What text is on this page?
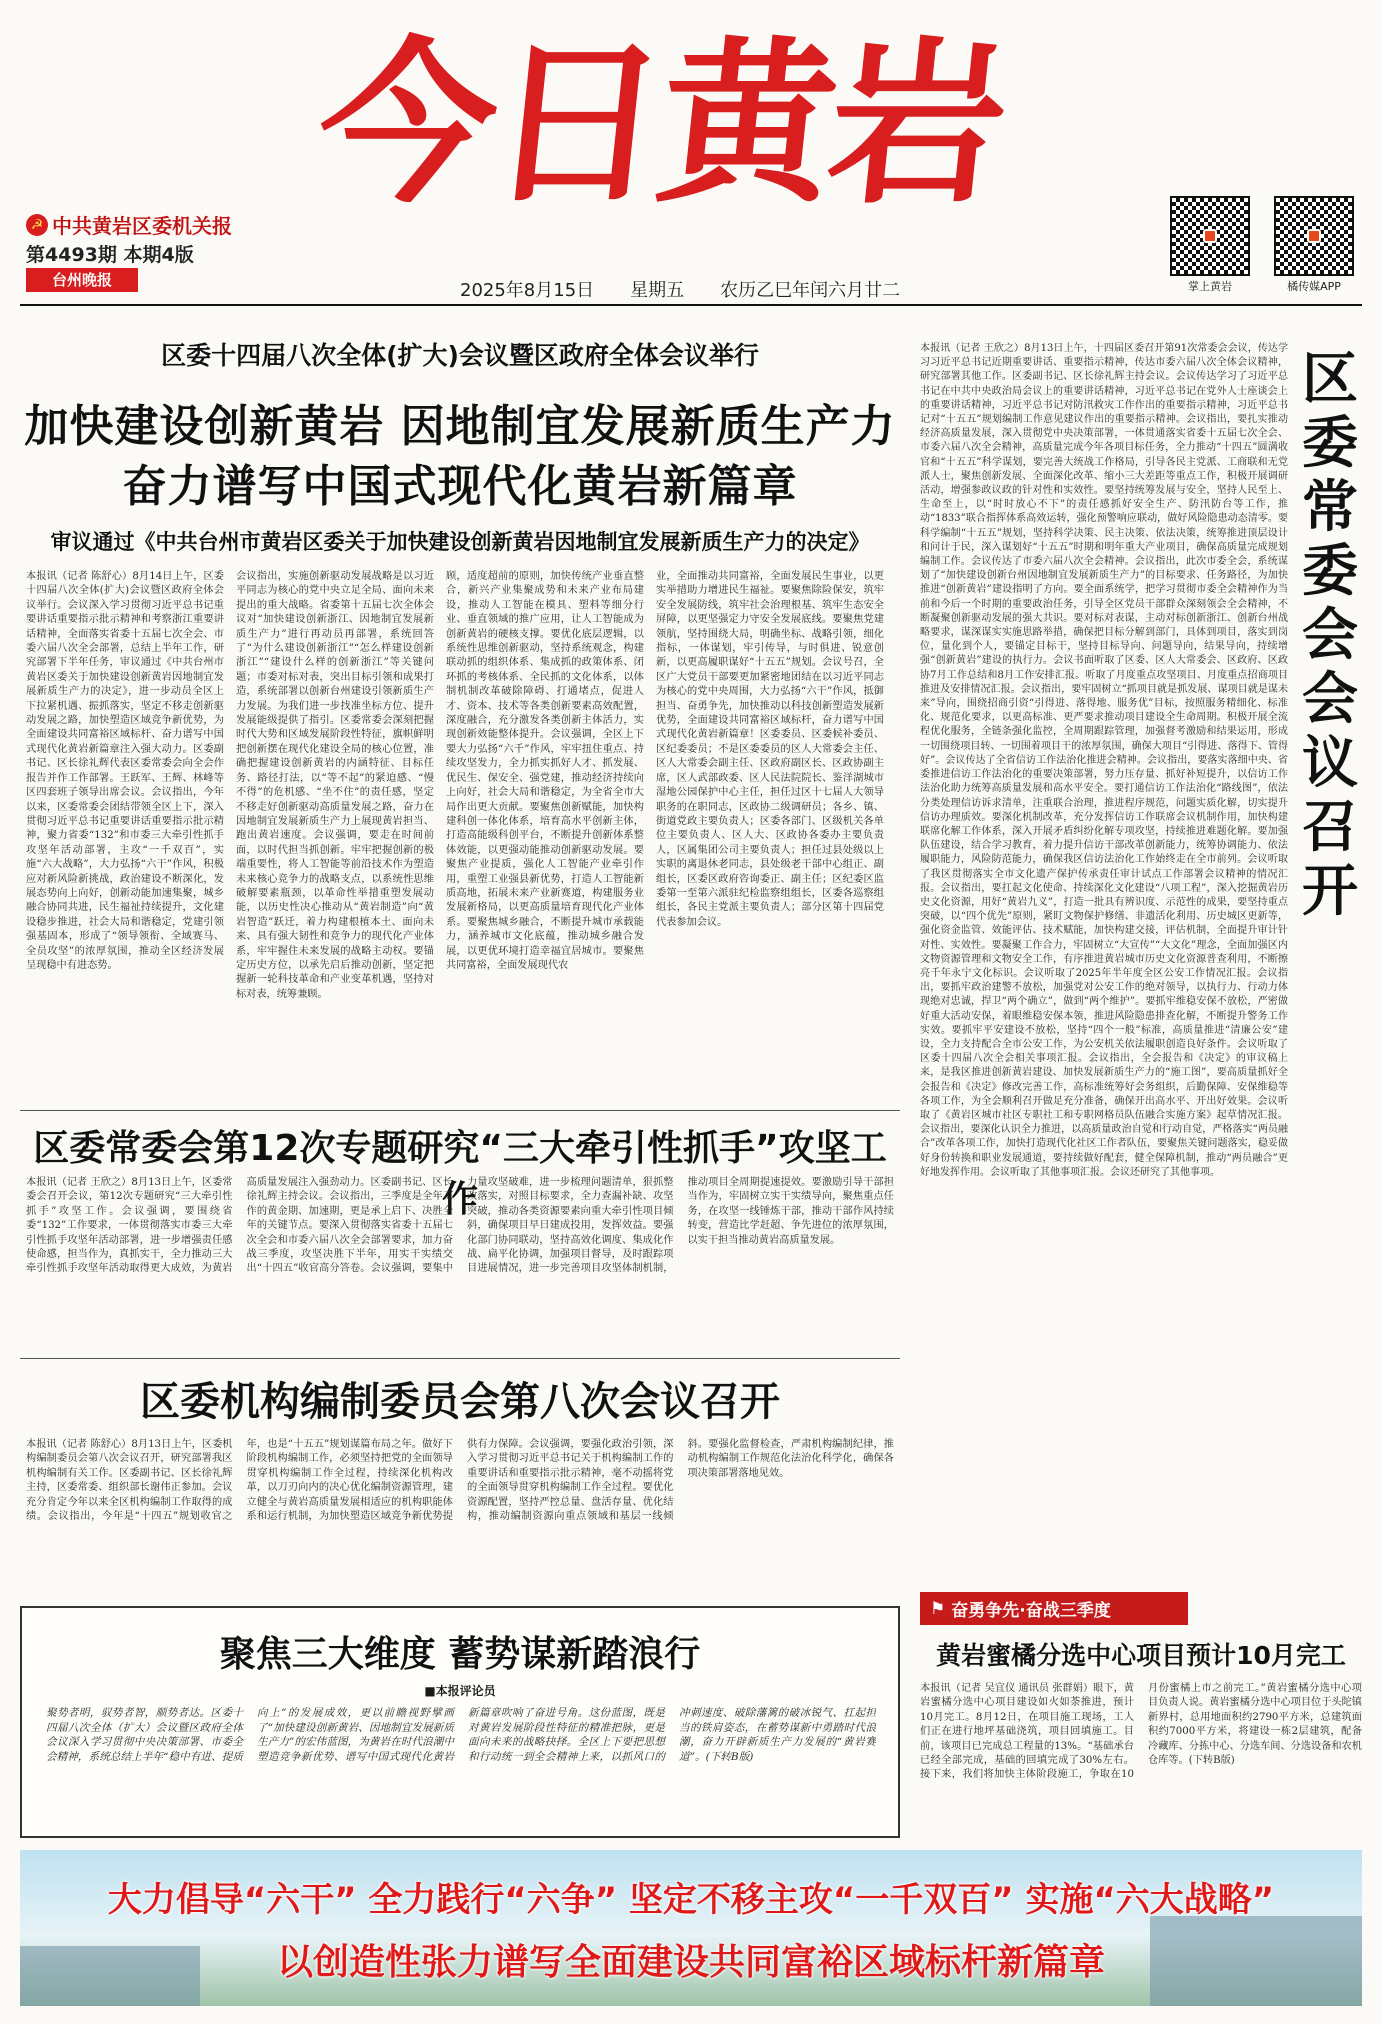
今日黄岩
☭ 中共黄岩区委机关报
第4493期 本期4版
台州晚报	2025年8月15日 星期五 农历乙巳年闰六月廿二	掌上黄岩	橘传媒APP
区委十四届八次全体(扩大)会议暨区政府全体会议举行
加快建设创新黄岩 因地制宜发展新质生产力
奋力谱写中国式现代化黄岩新篇章
审议通过《中共台州市黄岩区委关于加快建设创新黄岩因地制宜发展新质生产力的决定》
本报讯（记者 陈舒心）8月14日上午，区委十四届八次全体(扩大)会议暨区政府全体会议举行。会议深入学习贯彻习近平总书记重要讲话重要指示批示精神和考察浙江重要讲话精神，全面落实省委十五届七次全会、市委六届八次全会部署，总结上半年工作，研究部署下半年任务，审议通过《中共台州市黄岩区委关于加快建设创新黄岩因地制宜发展新质生产力的决定》，进一步动员全区上下拉紧机遇、振抓落实，坚定不移走创新驱动发展之路，加快塑造区域竞争新优势，为全面建设共同富裕区域标杆、奋力谱写中国式现代化黄岩新篇章注入强大动力。区委副书记、区长徐礼辉代表区委常委会向全会作报告并作工作部署。王跃军、王辉、林峰等区四套班子领导出席会议。会议指出，今年以来，区委常委会团结带领全区上下，深入贯彻习近平总书记重要讲话重要指示批示精神，聚力省委“132”和市委三大牵引性抓手攻坚年活动部署，主攻“一千双百”，实施“六大战略”，大力弘扬“六干”作风，积极应对新风险新挑战，政治建设不断深化，发展态势向上向好，创新动能加速集聚，城乡融合协同共进，民生福祉持续提升，文化建设稳步推进，社会大局和谐稳定，党建引领强基固本，形成了“领导领衔、全域赛马、全员攻坚”的浓厚氛围，推动全区经济发展呈现稳中有进态势。
会议指出，实施创新驱动发展战略是以习近平同志为核心的党中央立足全局、面向未来提出的重大战略。省委第十五届七次全体会议对“加快建设创新浙江、因地制宜发展新质生产力”进行再动员再部署，系统回答了“为什么建设创新浙江”“怎么样建设创新浙江”“建设什么样的创新浙江”等关键问题；市委对标对表，突出目标引领和成果打造，系统部署以创新台州建设引领新质生产力发展。为我们进一步找准坐标方位、提升发展能级提供了指引。区委常委会深刻把握时代大势和区域发展阶段性特征，旗帜鲜明把创新摆在现代化建设全局的核心位置，准确把握建设创新黄岩的内涵特征、目标任务、路径打法，以“等不起”的紧迫感、“慢不得”的危机感、“坐不住”的责任感，坚定不移走好创新驱动高质量发展之路，奋力在因地制宜发展新质生产力上展现黄岩担当、跑出黄岩速度。会议强调，要走在时间前面，以时代担当抓创新。牢牢把握创新的极端重要性，将人工智能等前沿技术作为塑造未来核心竞争力的战略支点，以系统性思维破解要素瓶颈，以革命性举措重塑发展动能，以历史性决心推动从“黄岩制造”向“黄岩智造”跃迁，着力构建根植本土、面向未来、具有强大韧性和竞争力的现代化产业体系，牢牢握住未来发展的战略主动权。要锚定历史方位，以承先启后推动创新，坚定把握新一轮科技革命和产业变革机遇，坚持对标对表，统筹兼顾。
顾，适度超前的原则，加快传统产业垂直整合，新兴产业集聚成势和未来产业布局建设，推动人工智能在模具、塑料等细分行业、垂直领域的推广应用，让人工智能成为创新黄岩的硬核支撑。要优化底层逻辑，以系统性思维创新驱动，坚持系统观念，构建联动抓的组织体系、集成抓的政策体系、闭环抓的考核体系、全民抓的文化体系，以体制机制改革破除障碍、打通堵点，促进人才、资本、技术等各类创新要素高效配置，深度融合，充分激发各类创新主体活力，实现创新效能整体提升。会议强调，全区上下要大力弘扬“六千”作风，牢牢扭住重点、持续攻坚发力，全力抓实抓好人才、抓发展、优民生、保安全、强党建，推动经济持续向上向好，社会大局和谐稳定，为全省全市大局作出更大贡献。要聚焦创新赋能，加快构建科创一体化体系，培育高水平创新主体，打造高能级科创平台，不断提升创新体系整体效能，以更强动能推动创新驱动发展。要聚焦产业提质，强化人工智能产业牵引作用，重塑工业强县新优势，打造人工智能新质高地，拓展未来产业新赛道，构建服务业发展新格局，以更高质量培育现代化产业体系。要聚焦城乡融合，不断提升城市承载能力，涵养城市文化底蕴，推动城乡融合发展，以更优环境打造幸福宜居城市。要聚焦共同富裕，全面发展现代农
业，全面推动共同富裕，全面发展民生事业，以更实举措助力增进民生福祉。要聚焦除险保安，筑牢安全发展防线，筑牢社会治理根基、筑牢生态安全屏障，以更坚强定力守安全发展底线。要聚焦党建领航，坚持围绕大局，明确坐标、战略引领，细化指标，一体谋划，牢引传导，与时俱进、锐意创新，以更高履职谋好“十五五”规划。会议号召，全区广大党员干部要更加紧密地团结在以习近平同志为核心的党中央周围，大力弘扬“六干”作风，抵御担当、奋勇争先，加快推动以科技创新塑造发展新优势，全面建设共同富裕区域标杆，奋力谱写中国式现代化黄岩新篇章！区委委员、区委候补委员、区纪委委员；不是区委委员的区人大常委会主任、区人大常委会副主任、区政府副区长、区政协副主席，区人武部政委、区人民法院院长、鉴洋湖城市湿地公园保护中心主任，担任过区十七届人大领导职务的在职同志，区政协二级调研员；各乡、镇、街道党政主要负责人；区委各部门、区级机关各单位主要负责人、区人大、区政协各委办主要负责人，区属集团公司主要负责人；担任过县处级以上实职的离退休老同志，县处级老干部中心组正、副组长，区委区政府咨询委正、副主任；区纪委区监委第一至第六派驻纪检监察组组长，区委各巡察组组长，各民主党派主要负责人；部分区第十四届党代表参加会议。
本报讯（记者 王欣之）8月13日上午，十四届区委召开第91次常委会会议，传达学习习近平总书记近期重要讲话、重要指示精神，传达市委六届八次全体会议精神，研究部署其他工作。区委副书记、区长徐礼辉主持会议。会议传达学习了习近平总书记在中共中央政治局会议上的重要讲话精神，习近平总书记在党外人士座谈会上的重要讲话精神，习近平总书记对防汛救灾工作作出的重要指示精神，习近平总书记对“十五五”规划编制工作意见建议作出的重要指示精神。会议指出，要扎实推动经济高质量发展，深入贯彻党中央决策部署，一体贯通落实省委十五届七次全会、市委六届八次全会精神，高质量完成今年各项目标任务，全力推动“十四五”圆满收官和“十五五”科学谋划，要完善大统战工作格局，引导各民主党派、工商联和无党派人士，聚焦创新发展、全面深化改革、缩小三大差距等重点工作，积极开展调研活动，增强参政议政的针对性和实效性。要坚持统筹发展与安全，坚持人民至上、生命至上，以“时时放心不下”的责任感抓好安全生产、防汛防台等工作，推动“1833”联合指挥体系高效运转，强化预警响应联动，做好风险隐患动态清零。要科学编制“十五五”规划，坚持科学决策、民主决策、依法决策，统筹推进顶层设计和问计于民，深入谋划好“十五五”时期和明年重大产业项目，确保高质量完成规划编制工作。会议传达了市委六届八次全会精神。会议指出，此次市委全会，系统谋划了“加快建设创新台州因地制宜发展新质生产力”的目标要求、任务路径，为加快推进“创新黄岩”建设指明了方向。要全面系统学，把学习贯彻市委全会精神作为当前和今后一个时期的重要政治任务，引导全区党员干部群众深刻领会全会精神，不断凝聚创新驱动发展的强大共识。要对标对表谋，主动对标创新浙江、创新台州战略要求，谋深谋实实施思路举措，确保把目标分解到部门，具体到项目，落实到岗位，量化到个人，要锚定目标干，坚持目标导向、问题导向，结果导向，持续增强“创新黄岩”建设的执行力。会议书面听取了区委、区人大常委会、区政府、区政协7月工作总结和8月工作安排汇报。听取了月度重点攻坚项目、月度重点招商项目推进及安排情况汇报。会议指出，要牢固树立“抓项目就是抓发展、谋项目就是谋未来”导向，围绕招商引资“引得进、落得地、服务优”目标，按照服务精细化、标准化、规范化要求，以更高标准、更严要求推动项目建设全生命周期。积极开展全流程优化服务，全链条强化监控，全周期跟踪管理，加强督考激励和结果运用，形成一切围绕项目转、一切围着项目干的浓厚氛围，确保大项目“引得进、落得下、管得好”。会议传达了全省信访工作法治化推进会精神。会议指出，要落实落细中央、省委推进信访工作法治化的重要决策部署，努力压存量、抓好补短提升，以信访工作法治化助力统筹高质量发展和高水平安全。要打通信访工作法治化“路线图”，依法分类处理信访诉求清单，注重联合治理，推进程序规范，问题实质化解，切实提升信访办理质效。要深化机制改革，充分发挥信访工作联席会议机制作用，加快构建联席化解工作体系，深入开展矛盾纠纷化解专项攻坚，持续推进难题化解。要加强队伍建设，结合学习教育，着力提升信访干部改革创新能力，统筹协调能力、依法履职能力，风险防范能力，确保我区信访法治化工作始终走在全市前列。会议听取了我区贯彻落实全市文化遗产保护传承责任审计试点工作部署会议精神的情况汇报。会议指出，要扛起文化使命、持续深化文化建设“八项工程”，深入挖掘黄岩历史文化资源，用好“黄岩九义”，打造一批具有辨识度、示范性的成果，要坚持重点突破，以“四个优先”原则，紧盯文物保护修缮、非遗活化利用、历史城区更新等，强化资金监管、效能评估、技术赋能，加快构建交接，评估机制，全面提升审计针对性、实效性。要凝聚工作合力，牢固树立“大宣传”“大文化”理念，全面加强区内文物资源管理和文物安全工作，有序推进黄岩城市历史文化资源普查利用，不断擦亮千年永宁文化标识。会议听取了2025年半年度全区公安工作情况汇报。会议指出，要抓牢政治建警不放松，加强党对公安工作的绝对领导，以执行力、行动力体现绝对忠诚，捍卫“两个确立”，做到“两个维护”。要抓牢维稳安保不放松，严密做好重大活动安保，着眼维稳安保本领，推进风险隐患排查化解，不断提升警务工作实效。要抓牢平安建设不放松，坚持“四个一般”标准，高质量推进“清廉公安”建设，全力支持配合全市公安工作，为公安机关依法履职创造良好条件。会议听取了区委十四届八次全会相关事项汇报。会议指出，全会报告和《决定》的审议稿上来，是我区推进创新黄岩建设、加快发展新质生产力的“施工图”，要高质量抓好全会报告和《决定》修改完善工作，高标准统筹好会务组织，后勤保障、安保维稳等各项工作，为全会顺利召开做足充分准备，确保开出高水平、开出好效果。会议听取了《黄岩区城市社区专职社工和专职网格员队伍融合实施方案》起草情况汇报。会议指出，要深化认识全力推进，以高质量政治自觉和行动自觉，严格落实“两员融合”改革各项工作，加快打造现代化社区工作者队伍，要聚焦关键问题落实，稳妥做好身份转换和职业发展通道，要持续做好配套，健全保障机制，推动“两员融合”更好地发挥作用。会议听取了其他事项汇报。会议还研究了其他事项。
区委常委会会议召开
区委常委会第12次专题研究“三大牵引性抓手”攻坚工作
本报讯（记者 王欣之）8月13日上午，区委常委会召开会议，第12次专题研究“三大牵引性抓手”攻坚工作。会议强调，要围绕省委“132”工作要求，一体贯彻落实市委三大牵引性抓手攻坚年活动部署，进一步增强责任感使命感，担当作为，真抓实干，全力推动三大牵引性抓手攻坚年活动取得更大成效，为黄岩高质量发展注入强劲动力。区委副书记、区长徐礼辉主持会议。会议指出，三季度是全年工作的黄金期、加速期，更是承上启下、决胜全年的关键节点。要深入贯彻落实省委十五届七次全会和市委六届八次全会部署要求，加力奋战三季度，攻坚决胜下半年，用实干实绩交出“十四五”收官高分答卷。会议强调，要集中力量攻坚破难，进一步梳理问题清单，狠抓整改落实，对照目标要求，全力查漏补缺、攻坚突破，推动各类资源要素向重大牵引性项目倾斜，确保项目早日建成投用，发挥效益。要强化部门协同联动，坚持高效化调度、集成化作战、扁平化协调，加强项目督导，及时跟踪项目进展情况，进一步完善项目攻坚体制机制，推动项目全周期提速提效。要激励引导干部担当作为，牢固树立实干实绩导向，聚焦重点任务，在攻坚一线锤炼干部，推动干部作风持续转变，营造比学赶超、争先进位的浓厚氛围，以实干担当推动黄岩高质量发展。
区委机构编制委员会第八次会议召开
本报讯（记者 陈舒心）8月13日上午，区委机构编制委员会第八次会议召开，研究部署我区机构编制有关工作。区委副书记、区长徐礼辉主持，区委常委、组织部长谢伟正参加。会议充分肯定今年以来全区机构编制工作取得的成绩。会议指出，今年是“十四五”规划收官之年，也是“十五五”规划谋篇布局之年。做好下阶段机构编制工作，必须坚持把党的全面领导贯穿机构编制工作全过程，持续深化机构改革，以刀刃向内的决心优化编制资源管理，建立健全与黄岩高质量发展相适应的机构职能体系和运行机制，为加快塑造区域竞争新优势提供有力保障。会议强调，要强化政治引领，深入学习贯彻习近平总书记关于机构编制工作的重要讲话和重要指示批示精神，毫不动摇将党的全面领导贯穿机构编制工作全过程。要优化资源配置，坚持严控总量、盘活存量、优化结构，推动编制资源向重点领域和基层一线倾斜。要强化监督检查，严肃机构编制纪律，推动机构编制工作规范化法治化科学化，确保各项决策部署落地见效。
聚焦三大维度 蓄势谋新踏浪行
■本报评论员
聚势者明，驭势者智，顺势者达。区委十四届八次全体（扩大）会议暨区政府全体会议深入学习贯彻中央决策部署、市委全会精神，系统总结上半年“稳中有进、提质向上”的发展成效，更以前瞻视野擘画了“加快建设创新黄岩、因地制宜发展新质生产力”的宏伟蓝图，为黄岩在时代浪潮中塑造竞争新优势、谱写中国式现代化黄岩新篇章吹响了奋进号角。这份蓝图，既是对黄岩发展阶段性特征的精准把脉，更是面向未来的战略抉择。全区上下要把思想和行动统一到全会精神上来，以抓风口的冲刺速度、破除藩篱的破冰锐气、扛起担当的铁肩姿态，在蓄势谋新中勇踏时代浪潮，奋力开辟新质生产力发展的“黄岩赛道”。(下转B版)
⚑ 奋勇争先·奋战三季度
黄岩蜜橘分选中心项目预计10月完工
本报讯（记者 吴宜仪 通讯员 张群娟）眼下，黄岩蜜橘分选中心项目建设如火如荼推进，预计10月完工。8月12日，在项目施工现场，工人们正在进行地坪基础浇筑，项目回填施工。目前，该项目已完成总工程量的13%。“基础承台已经全部完成，基础的回填完成了30%左右。接下来，我们将加快主体阶段施工，争取在10月份蜜橘上市之前完工。”黄岩蜜橘分选中心项目负责人说。黄岩蜜橘分选中心项目位于头陀镇新界村，总用地面积约2790平方米，总建筑面积约7000平方米，将建设一栋2层建筑，配备冷藏库、分拣中心、分选车间、分选设备和农机仓库等。(下转B版)
大力倡导“六干” 全力践行“六争” 坚定不移主攻“一千双百” 实施“六大战略”
以创造性张力谱写全面建设共同富裕区域标杆新篇章
